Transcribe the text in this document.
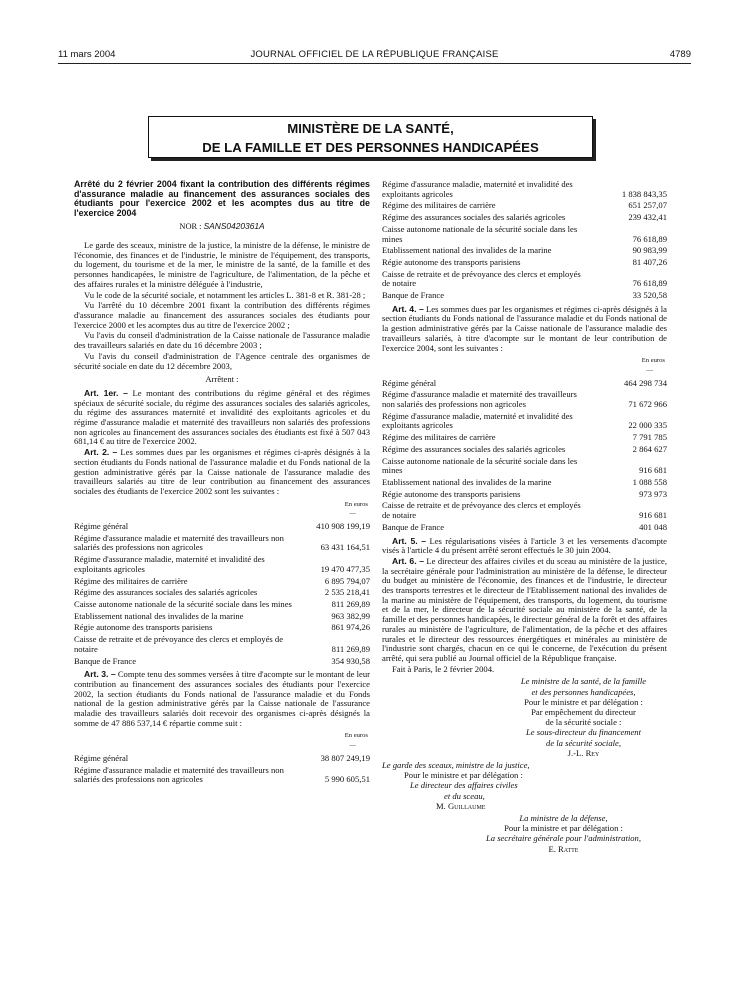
11 mars 2004	JOURNAL OFFICIEL DE LA RÉPUBLIQUE FRANÇAISE	4789
MINISTÈRE DE LA SANTÉ,
DE LA FAMILLE ET DES PERSONNES HANDICAPÉES
Arrêté du 2 février 2004 fixant la contribution des différents régimes d'assurance maladie au financement des assurances sociales des étudiants pour l'exercice 2002 et les acomptes dus au titre de l'exercice 2004
NOR : SANS0420361A

Le garde des sceaux, ministre de la justice, la ministre de la défense, le ministre de l'économie, des finances et de l'industrie, le ministre de l'équipement, des transports, du logement, du tourisme et de la mer, le ministre de la santé, de la famille et des personnes handicapées, le ministre de l'agriculture, de l'alimentation, de la pêche et des affaires rurales et la ministre déléguée à l'industrie,

Vu le code de la sécurité sociale, et notamment les articles L. 381-8 et R. 381-28 ;

Vu l'arrêté du 10 décembre 2001 fixant la contribution des différents régimes d'assurance maladie au financement des assurances sociales des étudiants pour l'exercice 2000 et les acomptes dus au titre de l'exercice 2002 ;

Vu l'avis du conseil d'administration de la Caisse nationale de l'assurance maladie des travailleurs salariés en date du 16 décembre 2003 ;

Vu l'avis du conseil d'administration de l'Agence centrale des organismes de sécurité sociale en date du 12 décembre 2003,

Arrêtent :

Art. 1er. – Le montant des contributions du régime général et des régimes spéciaux de sécurité sociale, du régime des assurances sociales des salariés agricoles, du régime des assurances maternité et invalidité des exploitants agricoles et du régime d'assurance maladie et maternité des travailleurs non salariés des professions non agricoles au financement des assurances sociales des étudiants est fixé à 507 043 681,14 € au titre de l'exercice 2002.

Art. 2. – Les sommes dues par les organismes et régimes ci-après désignés à la section étudiants du Fonds national de l'assurance maladie et du Fonds national de la gestion administrative gérés par la Caisse nationale de l'assurance maladie des travailleurs salariés au titre de leur contribution au financement des assurances sociales des étudiants de l'exercice 2002 sont les suivantes :

En euros
—
Régime général	410 908 199,19
Régime d'assurance maladie et maternité des travailleurs non salariés des professions non agricoles	63 431 164,51
Régime d'assurance maladie, maternité et invalidité des exploitants agricoles	19 470 477,35
Régime des militaires de carrière	6 895 794,07
Régime des assurances sociales des salariés agricoles	2 535 218,41
Caisse autonome nationale de la sécurité sociale dans les mines	811 269,89
Etablissement national des invalides de la marine	963 382,99
Régie autonome des transports parisiens	861 974,26
Caisse de retraite et de prévoyance des clercs et employés de notaire	811 269,89
Banque de France	354 930,58

Art. 3. – Compte tenu des sommes versées à titre d'acompte sur le montant de leur contribution au financement des assurances sociales des étudiants pour l'exercice 2002, la section étudiants du Fonds national de l'assurance maladie et du Fonds national de la gestion administrative gérés par la Caisse nationale de l'assurance maladie des travailleurs salariés doit recevoir des organismes ci-après désignés la somme de 47 886 537,14 € répartie comme suit :

En euros
—
Régime général	38 807 249,19
Régime d'assurance maladie et maternité des travailleurs non salariés des professions non agricoles	5 990 605,51
Régime d'assurance maladie, maternité et invalidité des exploitants agricoles	1 838 843,35
Régime des militaires de carrière	651 257,07
Régime des assurances sociales des salariés agricoles	239 432,41
Caisse autonome nationale de la sécurité sociale dans les mines	76 618,89
Etablissement national des invalides de la marine	90 983,99
Régie autonome des transports parisiens	81 407,26
Caisse de retraite et de prévoyance des clercs et employés de notaire	76 618,89
Banque de France	33 520,58

Art. 4. – Les sommes dues par les organismes et régimes ci-après désignés à la section étudiants du Fonds national de l'assurance maladie et du Fonds national de la gestion administrative gérés par la Caisse nationale de l'assurance maladie des travailleurs salariés, à titre d'acompte sur le montant de leur contribution de l'exercice 2004, sont les suivantes :

En euros
—
Régime général	464 298 734
Régime d'assurance maladie et maternité des travailleurs non salariés des professions non agricoles	71 672 966
Régime d'assurance maladie, maternité et invalidité des exploitants agricoles	22 000 335
Régime des militaires de carrière	7 791 785
Régime des assurances sociales des salariés agricoles	2 864 627
Caisse autonome nationale de la sécurité sociale dans les mines	916 681
Etablissement national des invalides de la marine	1 088 558
Régie autonome des transports parisiens	973 973
Caisse de retraite et de prévoyance des clercs et employés de notaire	916 681
Banque de France	401 048

Art. 5. – Les régularisations visées à l'article 3 et les versements d'acompte visés à l'article 4 du présent arrêté seront effectués le 30 juin 2004.

Art. 6. – Le directeur des affaires civiles et du sceau au ministère de la justice, la secrétaire générale pour l'administration au ministère de la défense, le directeur du budget au ministère de l'économie, des finances et de l'industrie, le directeur des transports terrestres et le directeur de l'Etablissement national des invalides de la marine au ministère de l'équipement, des transports, du logement, du tourisme et de la mer, le directeur de la sécurité sociale au ministère de la santé, de la famille et des personnes handicapées, le directeur général de la forêt et des affaires rurales au ministère de l'agriculture, de l'alimentation, de la pêche et des affaires rurales et le directeur des ressources énergétiques et minérales au ministère de l'industrie sont chargés, chacun en ce qui le concerne, de l'exécution du présent arrêté, qui sera publié au Journal officiel de la République française.

Fait à Paris, le 2 février 2004.

Le ministre de la santé, de la famille

et des personnes handicapées,

Pour le ministre et par délégation :

Par empêchement du directeur

de la sécurité sociale :

Le sous-directeur du financement

de la sécurité sociale,

J.-L. Rey

Le garde des sceaux, ministre de la justice,

Pour le ministre et par délégation :

Le directeur des affaires civiles

et du sceau,

M. Guillaume

La ministre de la défense,

Pour la ministre et par délégation :

La secrétaire générale pour l'administration,

E. Ratte
